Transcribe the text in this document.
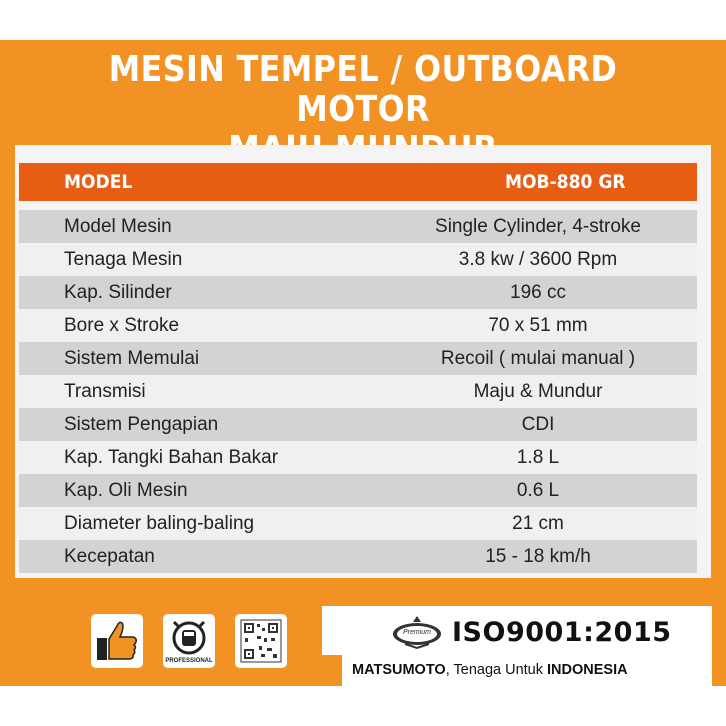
MESIN TEMPEL / OUTBOARD MOTOR
MODEL	MOB-880 GR
Model Mesin	Single Cylinder, 4-stroke
Tenaga Mesin	3.8 kw / 3600 Rpm
Kap. Silinder	196 cc
Bore x Stroke	70 x 51 mm
Sistem Memulai	Recoil ( mulai manual )
Transmisi	Maju & Mundur
Sistem Pengapian	CDI
Kap. Tangki Bahan Bakar	1.8 L
Kap. Oli Mesin	0.6 L
Diameter baling-baling	21 cm
Kecepatan	15 - 18 km/h
PROFESSIONAL
Premium ISO9001:2015
MATSUMOTO, Tenaga Untuk INDONESIA
